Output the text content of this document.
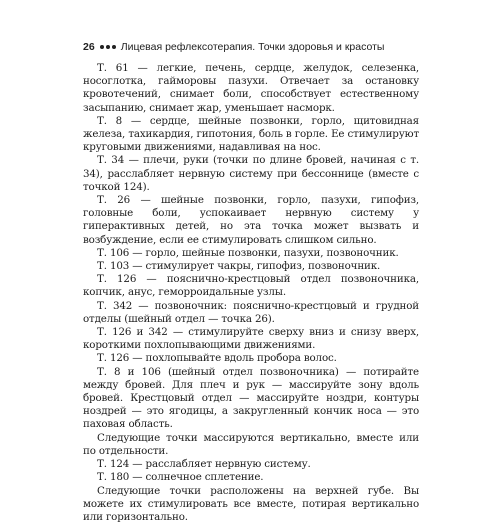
26 Лицевая рефлексотерапия. Точки здоровья и красоты

Т. 61 — легкие, печень, сердце, желудок, селезенка, носоглотка, гайморовы пазухи. Отвечает за остановку кровотечений, снимает боли, способствует естественному засыпанию, снимает жар, уменьшает насморк.

Т. 8 — сердце, шейные позвонки, горло, щитовидная железа, тахикардия, гипотония, боль в горле. Ее стимулируют круговыми движениями, надавливая на нос.

Т. 34 — плечи, руки (точки по длине бровей, начиная с т. 34), расслабляет нервную систему при бессоннице (вместе с точкой 124).

Т. 26 — шейные позвонки, горло, пазухи, гипофиз, головные боли, успокаивает нервную систему у гиперактивных детей, но эта точка может вызвать и возбуждение, если ее стимулировать слишком сильно.

Т. 106 — горло, шейные позвонки, пазухи, позвоночник.

Т. 103 — стимулирует чакры, гипофиз, позвоночник.

Т. 126 — пояснично-крестцовый отдел позвоночника, копчик, анус, геморроидальные узлы.

Т. 342 — позвоночник: пояснично-крестцовый и грудной отделы (шейный отдел — точка 26).

Т. 126 и 342 — стимулируйте сверху вниз и снизу вверх, короткими похлопывающими движениями.

Т. 126 — похлопывайте вдоль пробора волос.

Т. 8 и 106 (шейный отдел позвоночника) — потирайте между бровей. Для плеч и рук — массируйте зону вдоль бровей. Крестцовый отдел — массируйте ноздри, контуры ноздрей — это ягодицы, а закругленный кончик носа — это паховая область.

Следующие точки массируются вертикально, вместе или по отдельности.

Т. 124 — расслабляет нервную систему.

Т. 180 — солнечное сплетение.

Следующие точки расположены на верхней губе. Вы можете их стимулировать все вместе, потирая вертикально или горизонтально.
